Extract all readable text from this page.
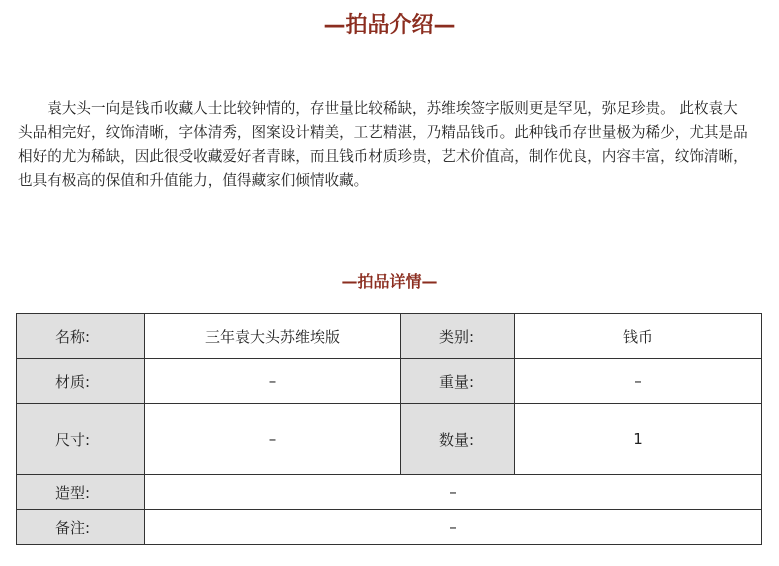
—拍品介绍—

袁大头一向是钱币收藏人士比较钟情的，存世量比较稀缺，苏维埃签字版则更是罕见，弥足珍贵。 此枚袁大头品相完好，纹饰清晰，字体清秀，图案设计精美，工艺精湛，乃精品钱币。此种钱币存世量极为稀少，尤其是品相好的尤为稀缺，因此很受收藏爱好者青睐，而且钱币材质珍贵，艺术价值高，制作优良，内容丰富，纹饰清晰，也具有极高的保值和升值能力，值得藏家们倾情收藏。

—拍品详情—
名称:	三年袁大头苏维埃版	类别:	钱币
材质:	–	重量:	–
尺寸:	–	数量:	1
造型:	–		
备注:	–		
